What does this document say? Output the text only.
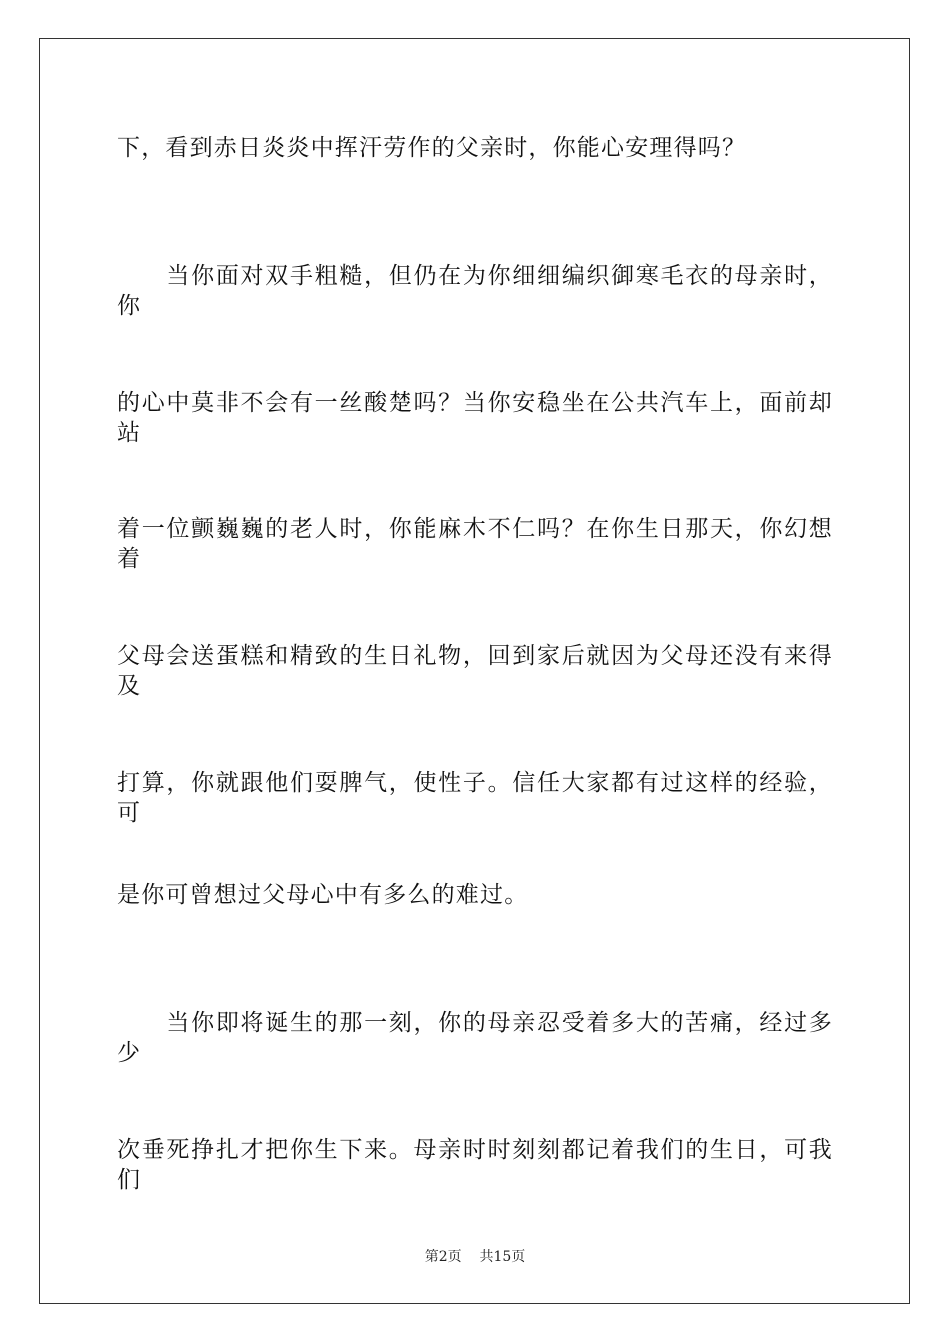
下，看到赤日炎炎中挥汗劳作的父亲时，你能心安理得吗？
　　当你面对双手粗糙，但仍在为你细细编织御寒毛衣的母亲时，你
的心中莫非不会有一丝酸楚吗？当你安稳坐在公共汽车上，面前却站
着一位颤巍巍的老人时，你能麻木不仁吗？在你生日那天，你幻想着
父母会送蛋糕和精致的生日礼物，回到家后就因为父母还没有来得及
打算，你就跟他们耍脾气，使性子。信任大家都有过这样的经验，可
是你可曾想过父母心中有多么的难过。
　　当你即将诞生的那一刻，你的母亲忍受着多大的苦痛，经过多少
次垂死挣扎才把你生下来。母亲时时刻刻都记着我们的生日，可我们
第2页 共15页
